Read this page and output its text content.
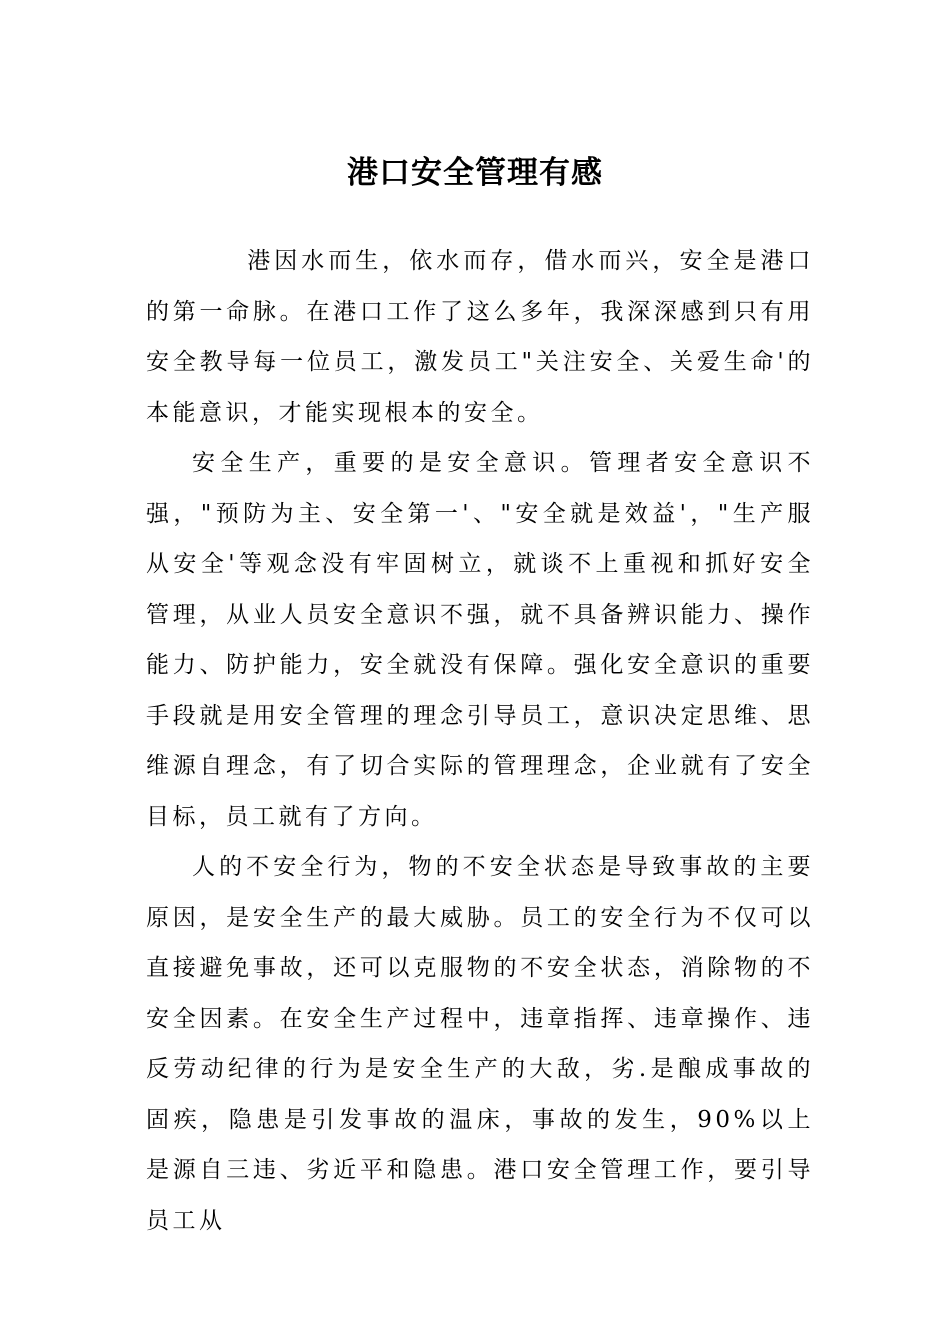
港口安全管理有感

港因水而生，依水而存，借水而兴，安全是港口的第一命脉。在港口工作了这么多年，我深深感到只有用安全教导每一位员工，激发员工"关注安全、关爱生命'的本能意识，才能实现根本的安全。

安全生产，重要的是安全意识。管理者安全意识不强，"预防为主、安全第一'、"安全就是效益'，"生产服从安全'等观念没有牢固树立，就谈不上重视和抓好安全管理，从业人员安全意识不强，就不具备辨识能力、操作能力、防护能力，安全就没有保障。强化安全意识的重要手段就是用安全管理的理念引导员工，意识决定思维、思维源自理念，有了切合实际的管理理念，企业就有了安全目标，员工就有了方向。

人的不安全行为，物的不安全状态是导致事故的主要原因，是安全生产的最大威胁。员工的安全行为不仅可以直接避免事故，还可以克服物的不安全状态，消除物的不安全因素。在安全生产过程中，违章指挥、违章操作、违反劳动纪律的行为是安全生产的大敌，劣.是酿成事故的固疾，隐患是引发事故的温床，事故的发生，90%以上是源自三违、劣近平和隐患。港口安全管理工作，要引导员工从
